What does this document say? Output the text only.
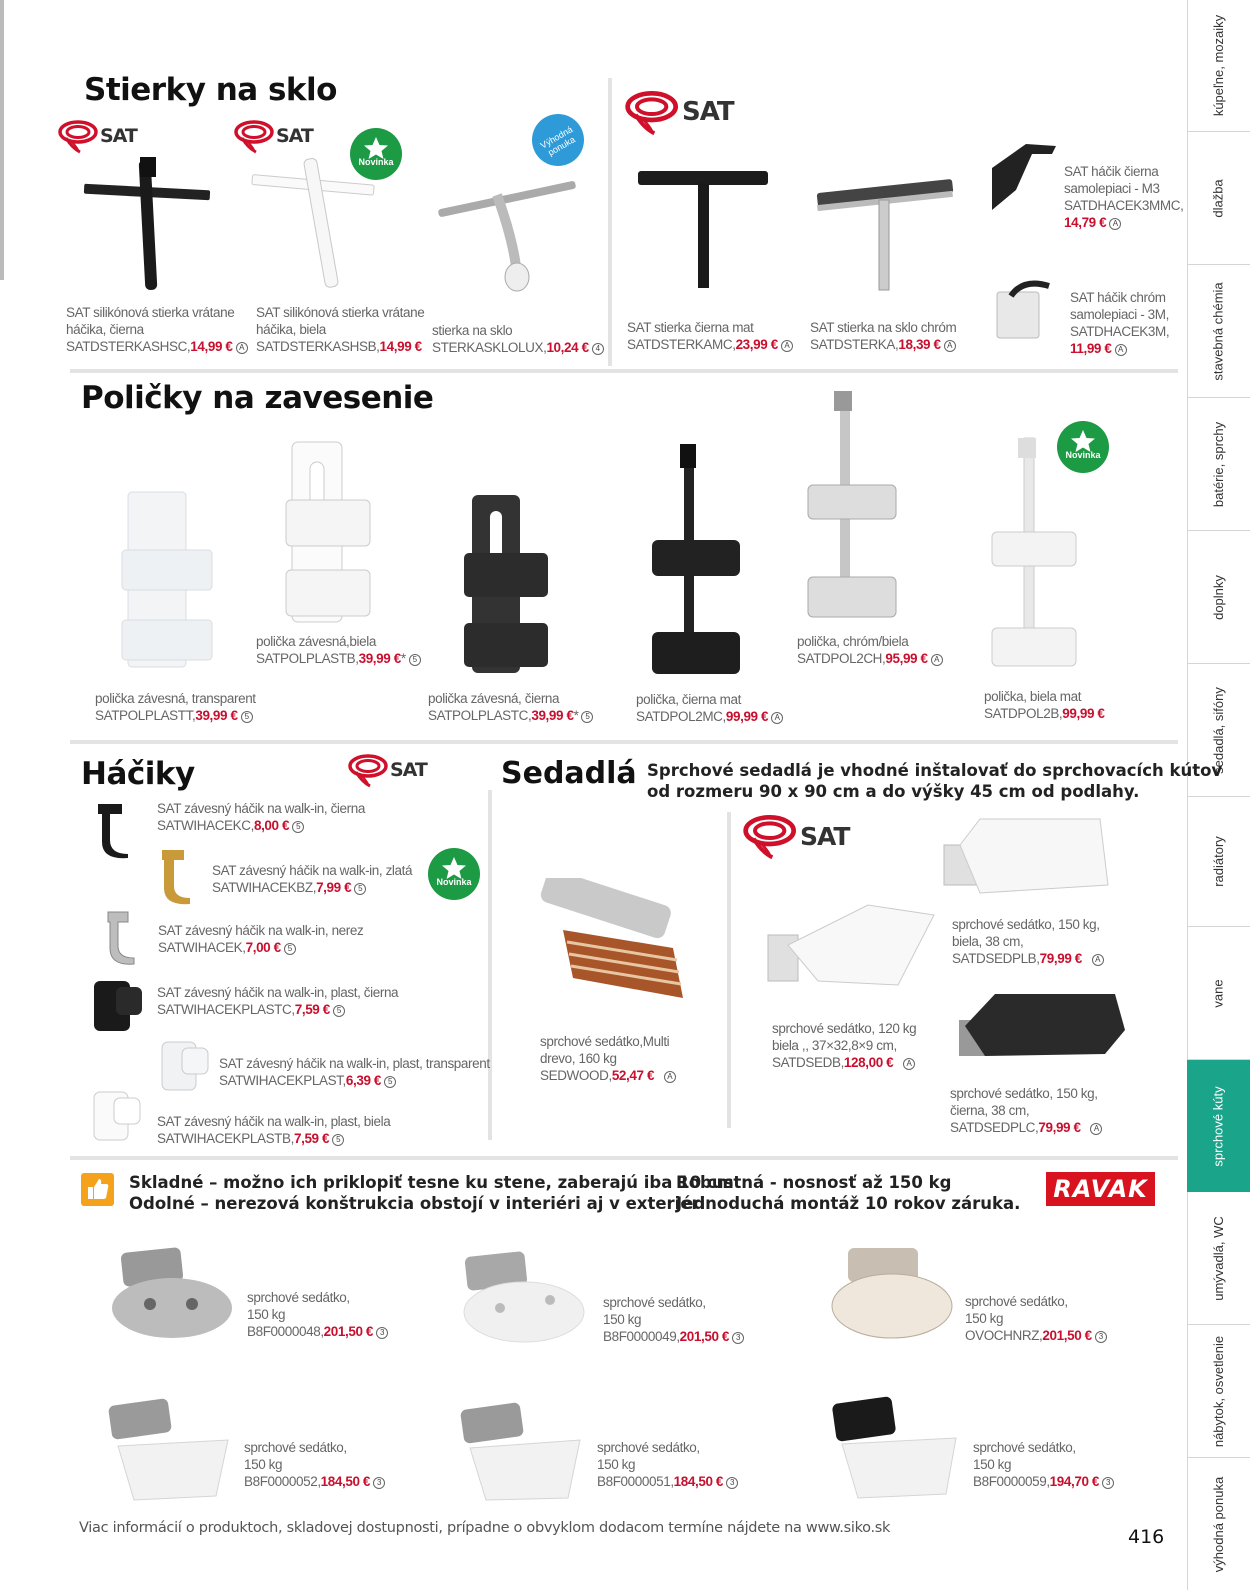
kúpeľne, mozaiky
dlažba
stavebná chémia
batérie, sprchy
doplnky
sedadlá, sifóny
radiátory
vane
sprchové kúty
umývadlá, WC
nábytok, osvetlenie
výhodná ponuka
Stierky na sklo
SAT	SAT
SAT
Novinka
Výhodná ponuka
SAT silikónová stierka vrátane
háčika, čierna
SATDSTERKASHSC,14,99 € A
SAT silikónová stierka vrátane
háčika, biela
SATDSTERKASHSB,14,99 €
stierka na sklo
STERKASKLOLUX,10,24 € 4
SAT stierka čierna mat
SATDSTERKAMC,23,99 € A
SAT stierka na sklo chróm
SATDSTERKA,18,39 € A
SAT háčik čierna
samolepiaci - M3
SATDHACEK3MMC,
14,79 € A
SAT háčik chróm
samolepiaci - 3M,
SATDHACEK3M,
11,99 € A
Poličky na zavesenie
Novinka
polička závesná, transparent
SATPOLPLASTT,39,99 € 5
polička závesná,biela
SATPOLPLASTB,39,99 €* 5
polička závesná, čierna
SATPOLPLASTC,39,99 €* 5
polička, čierna mat
SATDPOL2MC,99,99 € A
polička, chróm/biela
SATDPOL2CH,95,99 € A
polička, biela mat
SATDPOL2B,99,99 €
Háčiky	SAT
Novinka
SAT závesný háčik na walk-in, čierna
SATWIHACEKC,8,00 € 5
SAT závesný háčik na walk-in, zlatá
SATWIHACEKBZ,7,99 € 5
SAT závesný háčik na walk-in, nerez
SATWIHACEK,7,00 € 5
SAT závesný háčik na walk-in, plast, čierna
SATWIHACEKPLASTC,7,59 € 5
SAT závesný háčik na walk-in, plast, transparent
SATWIHACEKPLAST,6,39 € 5
SAT závesný háčik na walk-in, plast, biela
SATWIHACEKPLASTB,7,59 € 5
Sedadlá Sprchové sedadlá je vhodné inštalovať do sprchovacích kútov od rozmeru 90 x 90 cm a do výšky 45 cm od podlahy.
SAT
sprchové sedátko,Multi
drevo, 160 kg
SEDWOOD,52,47 € A
sprchové sedátko, 120 kg
biela ,, 37×32,8×9 cm,
SATDSEDB,128,00 € A
sprchové sedátko, 150 kg,
biela, 38 cm,
SATDSEDPLB,79,99 € A
sprchové sedátko, 150 kg,
čierna, 38 cm,
SATDSEDPLC,79,99 € A
Skladné – možno ich priklopiť tesne ku stene, zaberajú iba 10 cm
Odolné – nerezová konštrukcia obstojí v interiéri aj v exteriéri
Robustná - nosnosť až 150 kg
Jednoduchá montáž 10 rokov záruka.
RAVAK
sprchové sedátko,
150 kg
B8F0000048,201,50 € 3
sprchové sedátko,
150 kg
B8F0000049,201,50 € 3
sprchové sedátko,
150 kg
OVOCHNRZ,201,50 € 3
sprchové sedátko,
150 kg
B8F0000052,184,50 € 3
sprchové sedátko,
150 kg
B8F0000051,184,50 € 3
sprchové sedátko,
150 kg
B8F0000059,194,70 € 3
Viac informácií o produktoch, skladovej dostupnosti, prípadne o obvyklom dodacom termíne nájdete na www.siko.sk	416
